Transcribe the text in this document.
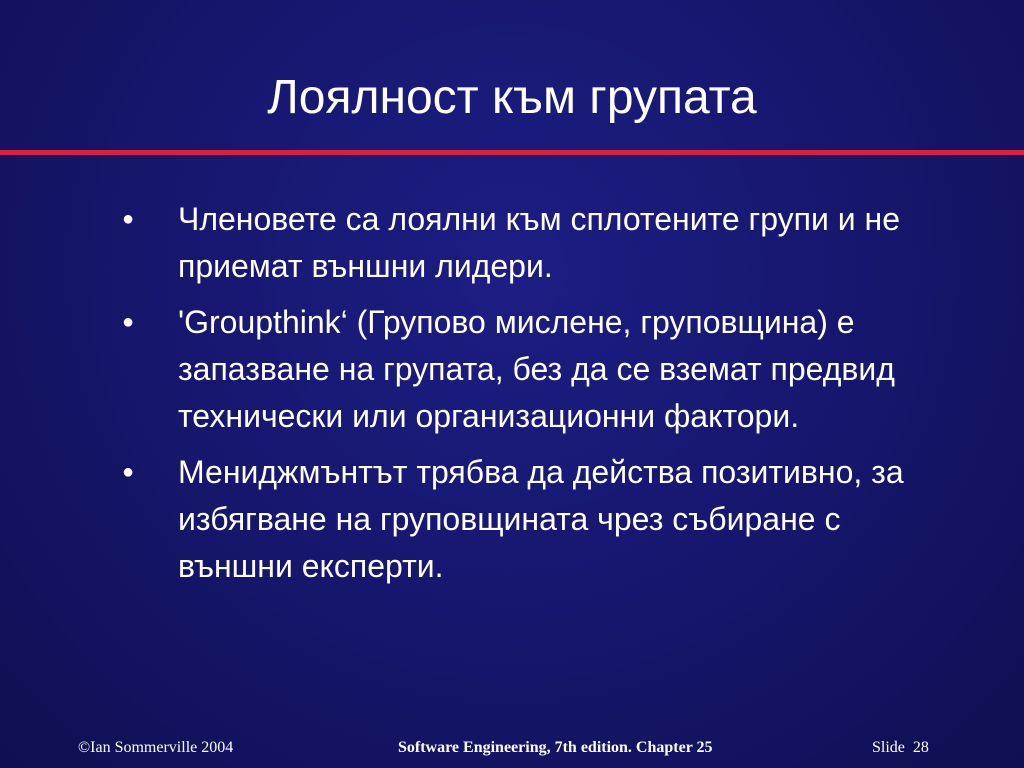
Лоялност към групата
● Членовете са лоялни към сплотените групи и не приемат външни лидери.
● 'Groupthink‘ (Групово мислене, груповщина) е запазване на групата, без да се вземат предвид технически или организационни фактори.
● Мениджмънтът трябва да действа позитивно, за избягване на груповщината чрез събиране с външни експерти.
©Ian Sommerville 2004	Software Engineering, 7th edition. Chapter 25	Slide  28
